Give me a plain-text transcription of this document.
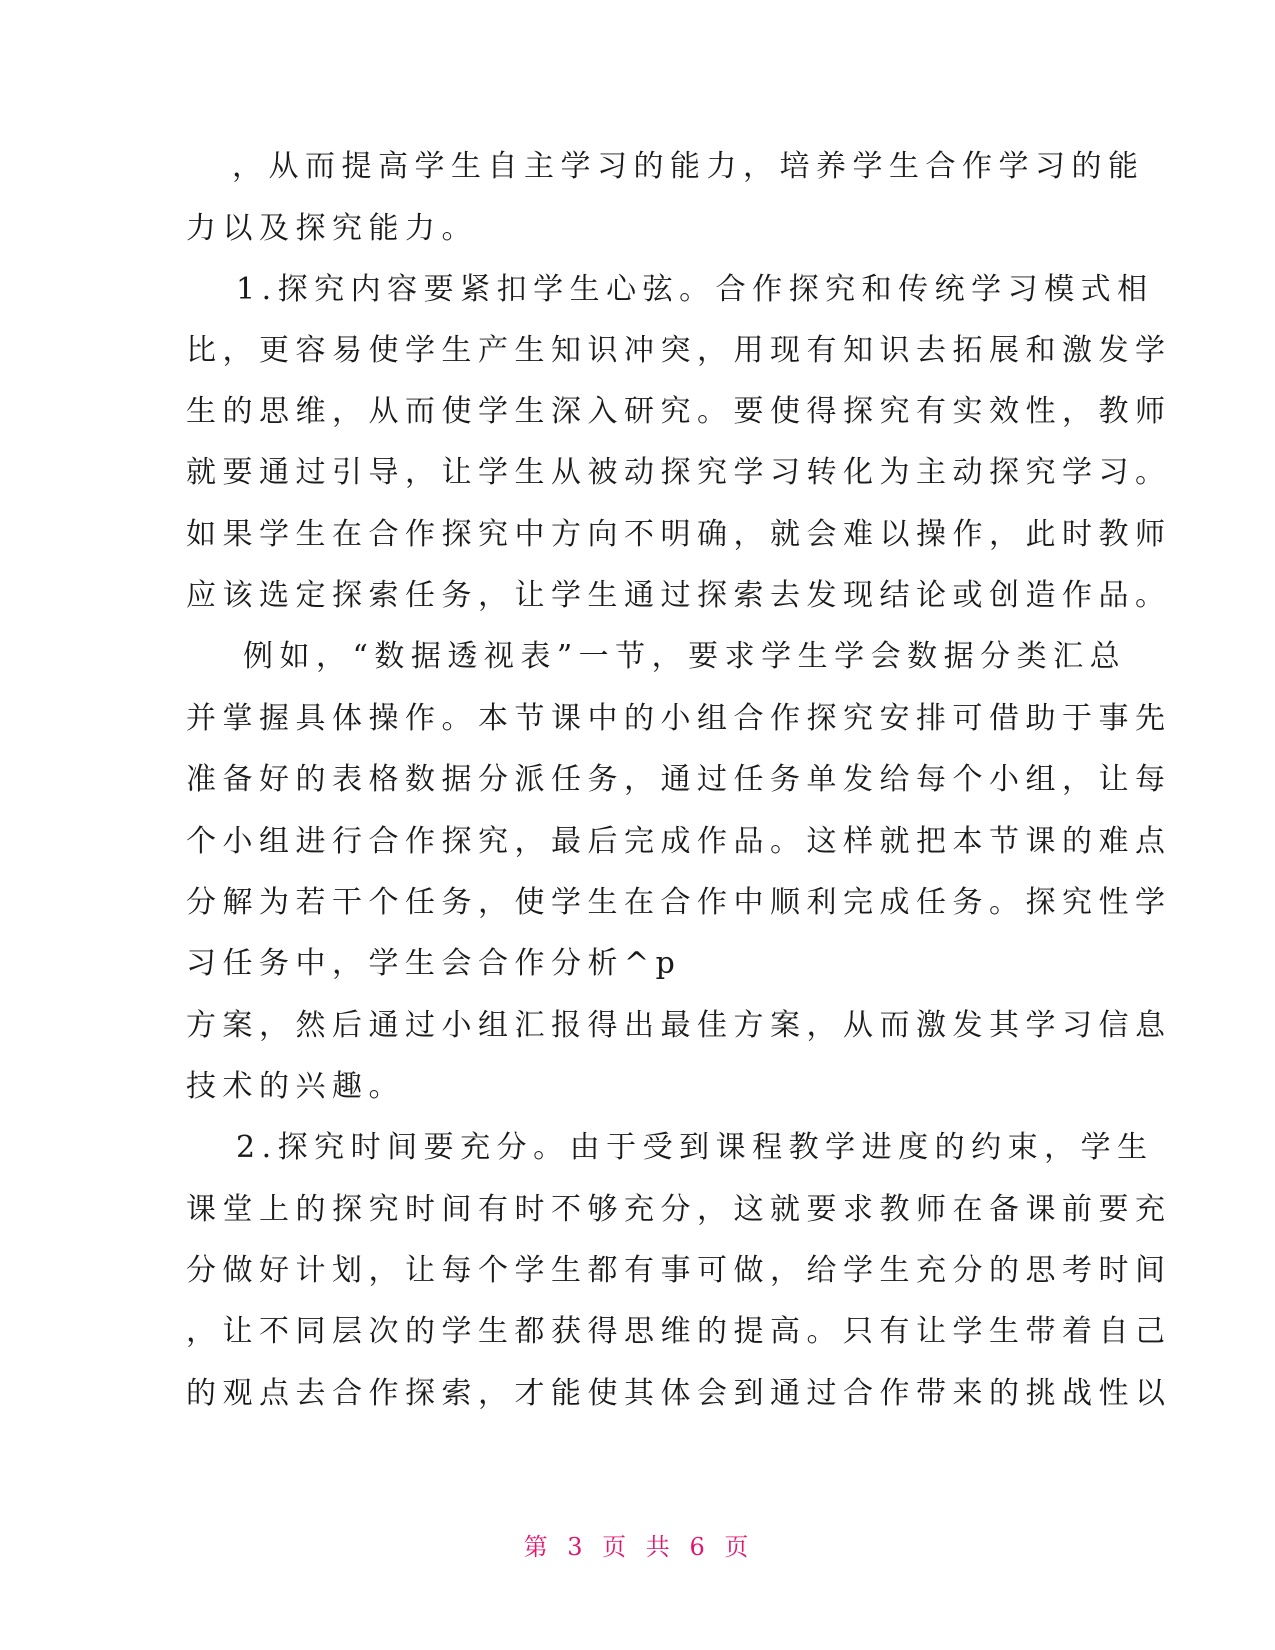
，从而提高学生自主学习的能力，培养学生合作学习的能
力以及探究能力。
1.探究内容要紧扣学生心弦。合作探究和传统学习模式相
比，更容易使学生产生知识冲突，用现有知识去拓展和激发学
生的思维，从而使学生深入研究。要使得探究有实效性，教师
就要通过引导，让学生从被动探究学习转化为主动探究学习。
如果学生在合作探究中方向不明确，就会难以操作，此时教师
应该选定探索任务，让学生通过探索去发现结论或创造作品。
例如，“数据透视表”一节，要求学生学会数据分类汇总
并掌握具体操作。本节课中的小组合作探究安排可借助于事先
准备好的表格数据分派任务，通过任务单发给每个小组，让每
个小组进行合作探究，最后完成作品。这样就把本节课的难点
分解为若干个任务，使学生在合作中顺利完成任务。探究性学
习任务中，学生会合作分析^p
方案，然后通过小组汇报得出最佳方案，从而激发其学习信息
技术的兴趣。
2.探究时间要充分。由于受到课程教学进度的约束，学生
课堂上的探究时间有时不够充分，这就要求教师在备课前要充
分做好计划，让每个学生都有事可做，给学生充分的思考时间
，让不同层次的学生都获得思维的提高。只有让学生带着自己
的观点去合作探索，才能使其体会到通过合作带来的挑战性以
第 3 页 共 6 页
